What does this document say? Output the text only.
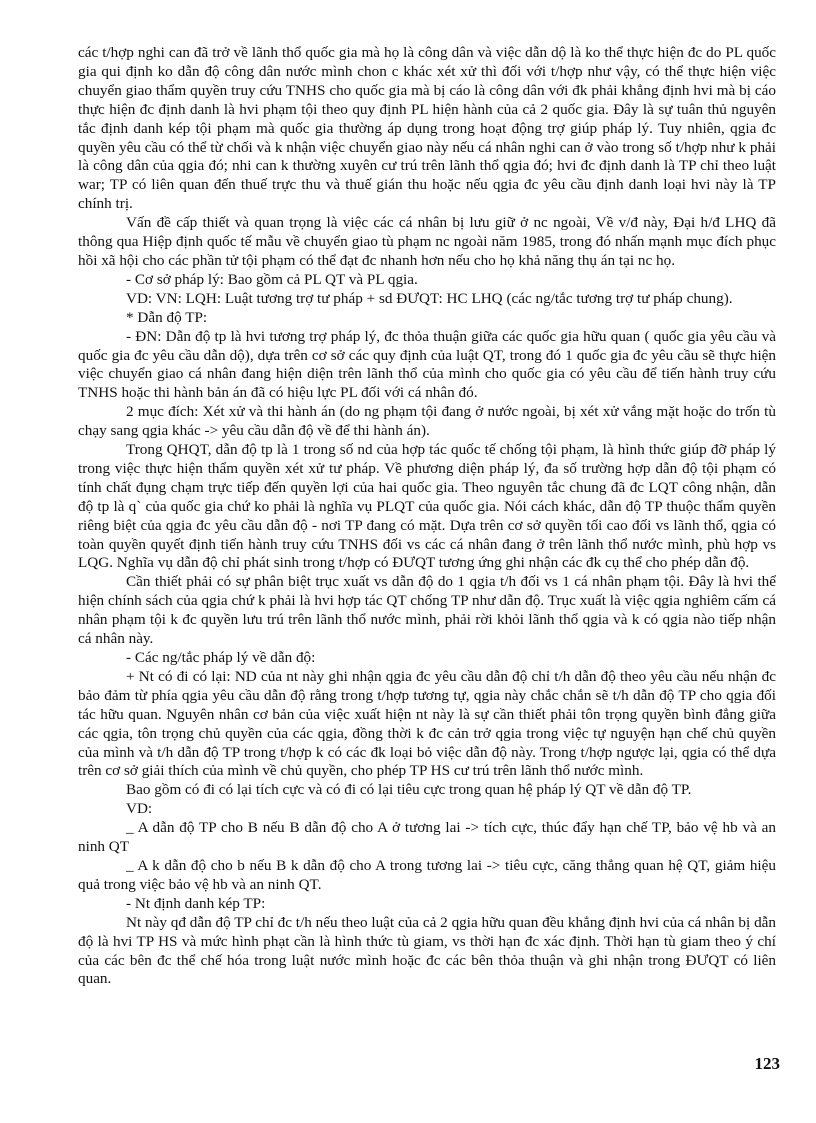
các t/hợp nghi can đã trở về lãnh thổ quốc gia mà họ là công dân và việc dẫn dộ là ko thể thực hiện đc do PL quốc gia qui định ko dẫn độ công dân nước mình chon c khác xét xử thì đối với t/hợp như vậy, có thể thực hiện việc chuyển giao thẩm quyền truy cứu TNHS cho quốc gia mà bị cáo là công dân với đk phải khẳng định hvi mà bị cáo thực hiện đc định danh là hvi phạm tội theo quy định PL hiện hành của cả 2 quốc gia. Đây là sự tuân thủ nguyên tắc định danh kép tội phạm mà quốc gia thường áp dụng trong hoạt động trợ giúp pháp lý. Tuy nhiên, qgia đc quyền yêu cầu có thể từ chối và k nhận việc chuyển giao này nếu cá nhân nghi can ở vào trong số t/hợp như k phải là công dân của qgia đó; nhi can k thường xuyên cư trú trên lãnh thổ qgia đó; hvi đc định danh là TP chỉ theo luật war; TP có liên quan đến thuế trực thu và thuế gián thu hoặc nếu qgia đc yêu cầu định danh loại hvi này là TP chính trị.

Vấn đề cấp thiết và quan trọng là việc các cá nhân bị lưu giữ ở nc ngoài, Về v/đ này, Đại h/đ LHQ đã thông qua Hiệp định quốc tế mẫu về chuyển giao tù phạm nc ngoài năm 1985, trong đó nhấn mạnh mục đích phục hồi xã hội cho các phần tử tội phạm có thể đạt đc nhanh hơn nếu cho họ khả năng thụ án tại nc họ.

- Cơ sở pháp lý: Bao gồm cả PL QT và PL qgia.

VD: VN: LQH: Luật tương trợ tư pháp + sd ĐƯQT: HC LHQ (các ng/tắc tương trợ tư pháp chung).

* Dẫn độ TP:

- ĐN: Dẫn độ tp là hvi tương trợ pháp lý, đc thỏa thuận giữa các quốc gia hữu quan ( quốc gia yêu cầu và quốc gia đc yêu cầu dẫn dộ), dựa trên cơ sở các quy định của luật QT, trong đó 1 quốc gia đc yêu cầu sẽ thực hiện việc chuyển giao cá nhân đang hiện diện trên lãnh thổ của mình cho quốc gia có yêu cầu để tiến hành truy cứu TNHS hoặc thi hành bản án đã có hiệu lực PL đối với cá nhân đó.

2 mục đích: Xét xử và thi hành án (do ng phạm tội đang ở nước ngoài, bị xét xử vắng mặt hoặc do trốn tù chạy sang qgia khác -> yêu cầu dẫn độ về để thi hành án).

Trong QHQT, dẫn độ tp là 1 trong số nd của hợp tác quốc tế chống tội phạm, là hình thức giúp đỡ pháp lý trong việc thực hiện thẩm quyền xét xử tư pháp. Về phương diện pháp lý, đa số trường hợp dẫn độ tội phạm có tính chất đụng chạm trực tiếp đến quyền lợi của hai quốc gia. Theo nguyên tắc chung đã đc LQT công nhận, dẫn độ tp là q` của quốc gia chứ ko phải là nghĩa vụ PLQT của quốc gia. Nói cách khác, dẫn độ TP thuộc thẩm quyền riêng biệt của qgia đc yêu cầu dẫn độ - nơi TP đang có mặt. Dựa trên cơ sở quyền tối cao đối vs lãnh thổ, qgia có toàn quyền quyết định tiến hành truy cứu TNHS đối vs các cá nhân đang ở trên lãnh thổ nước mình, phù hợp vs LQG. Nghĩa vụ dẫn độ chỉ phát sinh trong t/hợp có ĐƯQT tương ứng ghi nhận các đk cụ thể cho phép dẫn độ.

Cần thiết phải có sự phân biệt trục xuất vs dẫn độ do 1 qgia t/h đối vs 1 cá nhân phạm tội. Đây là hvi thể hiện chính sách của qgia chứ k phải là hvi hợp tác QT chống TP như dẫn độ. Trục xuất là việc qgia nghiêm cấm cá nhân phạm tội k đc quyền lưu trú trên lãnh thổ nước mình, phải rời khỏi lãnh thổ qgia và k có qgia nào tiếp nhận cá nhân này.

- Các ng/tắc pháp lý về dẫn độ:

+ Nt có đi có lại: ND của nt này ghi nhận qgia đc yêu cầu dẫn độ chỉ t/h dẫn độ theo yêu cầu nếu nhận đc bảo đảm từ phía qgia yêu cầu dẫn độ rằng trong t/hợp tương tự, qgia này chắc chắn sẽ t/h dẫn độ TP cho qgia đối tác hữu quan. Nguyên nhân cơ bản của việc xuất hiện nt này là sự cần thiết phải tôn trọng quyền bình đẳng giữa các qgia, tôn trọng chủ quyền của các qgia, đồng thời k đc cản trở qgia trong việc tự nguyện hạn chế chủ quyền của mình và t/h dẫn độ TP trong t/hợp k có các đk loại bỏ việc dẫn độ này. Trong t/hợp ngược lại, qgia có thể dựa trên cơ sở giải thích của mình về chủ quyền, cho phép TP HS cư trú trên lãnh thổ nước mình.

Bao gồm có đi có lại tích cực và có đi có lại tiêu cực trong quan hệ pháp lý QT về dẫn độ TP.

VD:

_ A dẫn độ TP cho B nếu B dẫn độ cho A ở tương lai -> tích cực, thúc đẩy hạn chế TP, bảo vệ hb và an ninh QT

_ A k dẫn độ cho b nếu B k dẫn độ cho A trong tương lai -> tiêu cực, căng thẳng quan hệ QT, giảm hiệu quả trong việc bảo vệ hb và an ninh QT.

- Nt định danh kép TP:

Nt này qđ dẫn độ TP chỉ đc t/h nếu theo luật của cả 2 qgia hữu quan đều khẳng định hvi của cá nhân bị dẫn độ là hvi TP HS và mức hình phạt cần là hình thức tù giam, vs thời hạn đc xác định. Thời hạn tù giam theo ý chí của các bên đc thể chế hóa trong luật nước mình hoặc đc các bên thỏa thuận và ghi nhận trong ĐƯQT có liên quan.

123
